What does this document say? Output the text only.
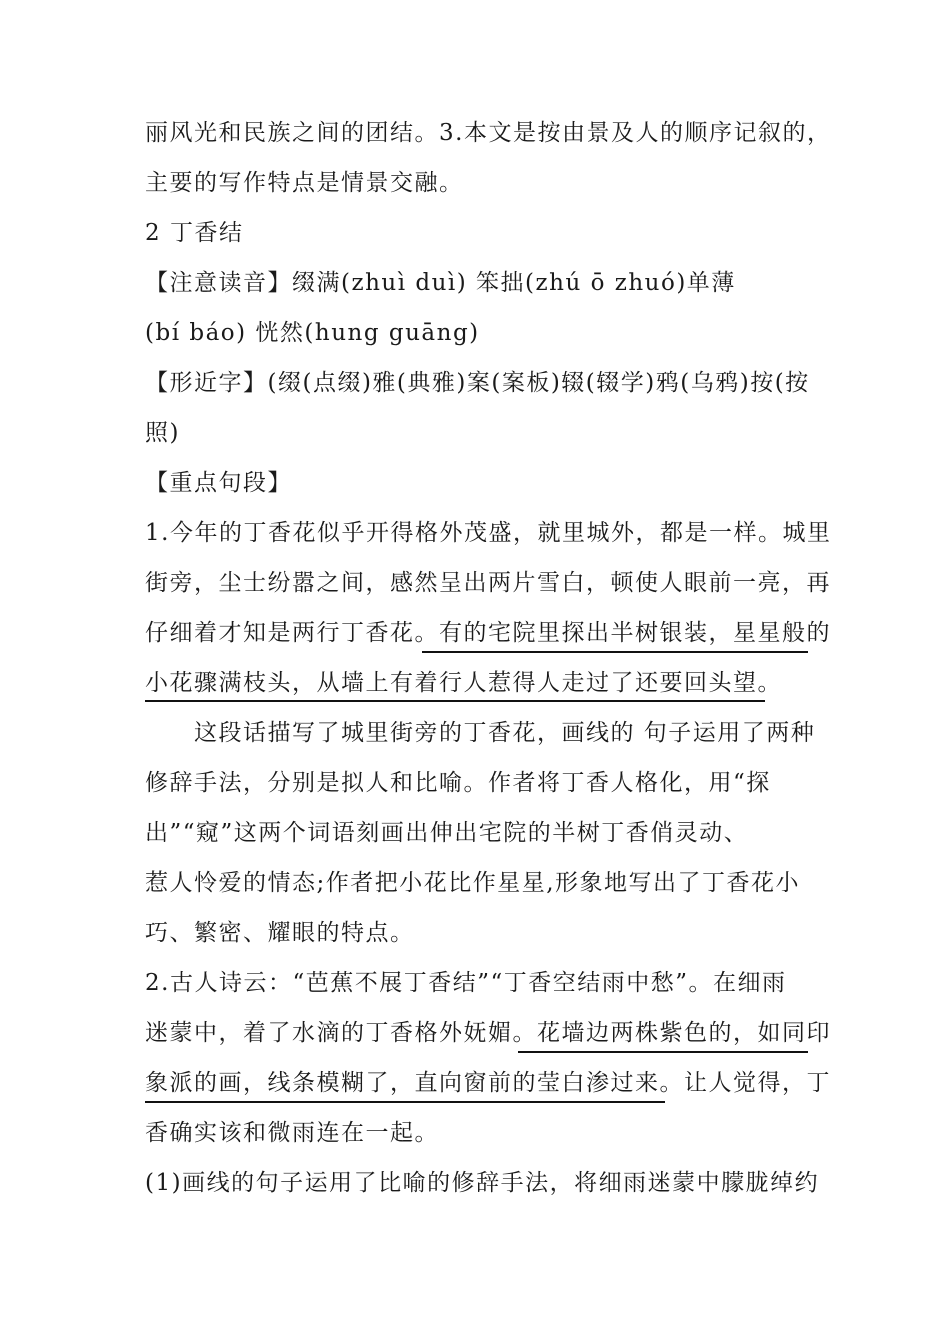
丽风光和民族之间的团结。3.本文是按由景及人的顺序记叙的，
主要的写作特点是情景交融。
2 丁香结
【注意读音】缀满(zhuì duì) 笨拙(zhú ō zhuó)单薄
(bí báo) 恍然(hung guāng)
【形近字】(缀(点缀)雅(典雅)案(案板)辍(辍学)鸦(乌鸦)按(按
照)
【重点句段】
1.今年的丁香花似乎开得格外茂盛，就里城外，都是一样。城里
街旁，尘士纷嚣之间，感然呈出两片雪白，顿使人眼前一亮，再
仔细着才知是两行丁香花。有的宅院里探出半树银装，星星般的
小花骤满枝头，从墙上有着行人惹得人走过了还要回头望。
　　这段话描写了城里街旁的丁香花，画线的 句子运用了两种
修辞手法，分别是拟人和比喻。作者将丁香人格化，用“探
出”“窥”这两个词语刻画出伸出宅院的半树丁香俏灵动、
惹人怜爱的情态;作者把小花比作星星,形象地写出了丁香花小
巧、繁密、耀眼的特点。
2.古人诗云：“芭蕉不展丁香结”“丁香空结雨中愁”。在细雨
迷蒙中，着了水滴的丁香格外妩媚。花墙边两株紫色的，如同印
象派的画，线条模糊了，直向窗前的莹白渗过来。让人觉得，丁
香确实该和微雨连在一起。
(1)画线的句子运用了比喻的修辞手法，将细雨迷蒙中朦胧绰约
